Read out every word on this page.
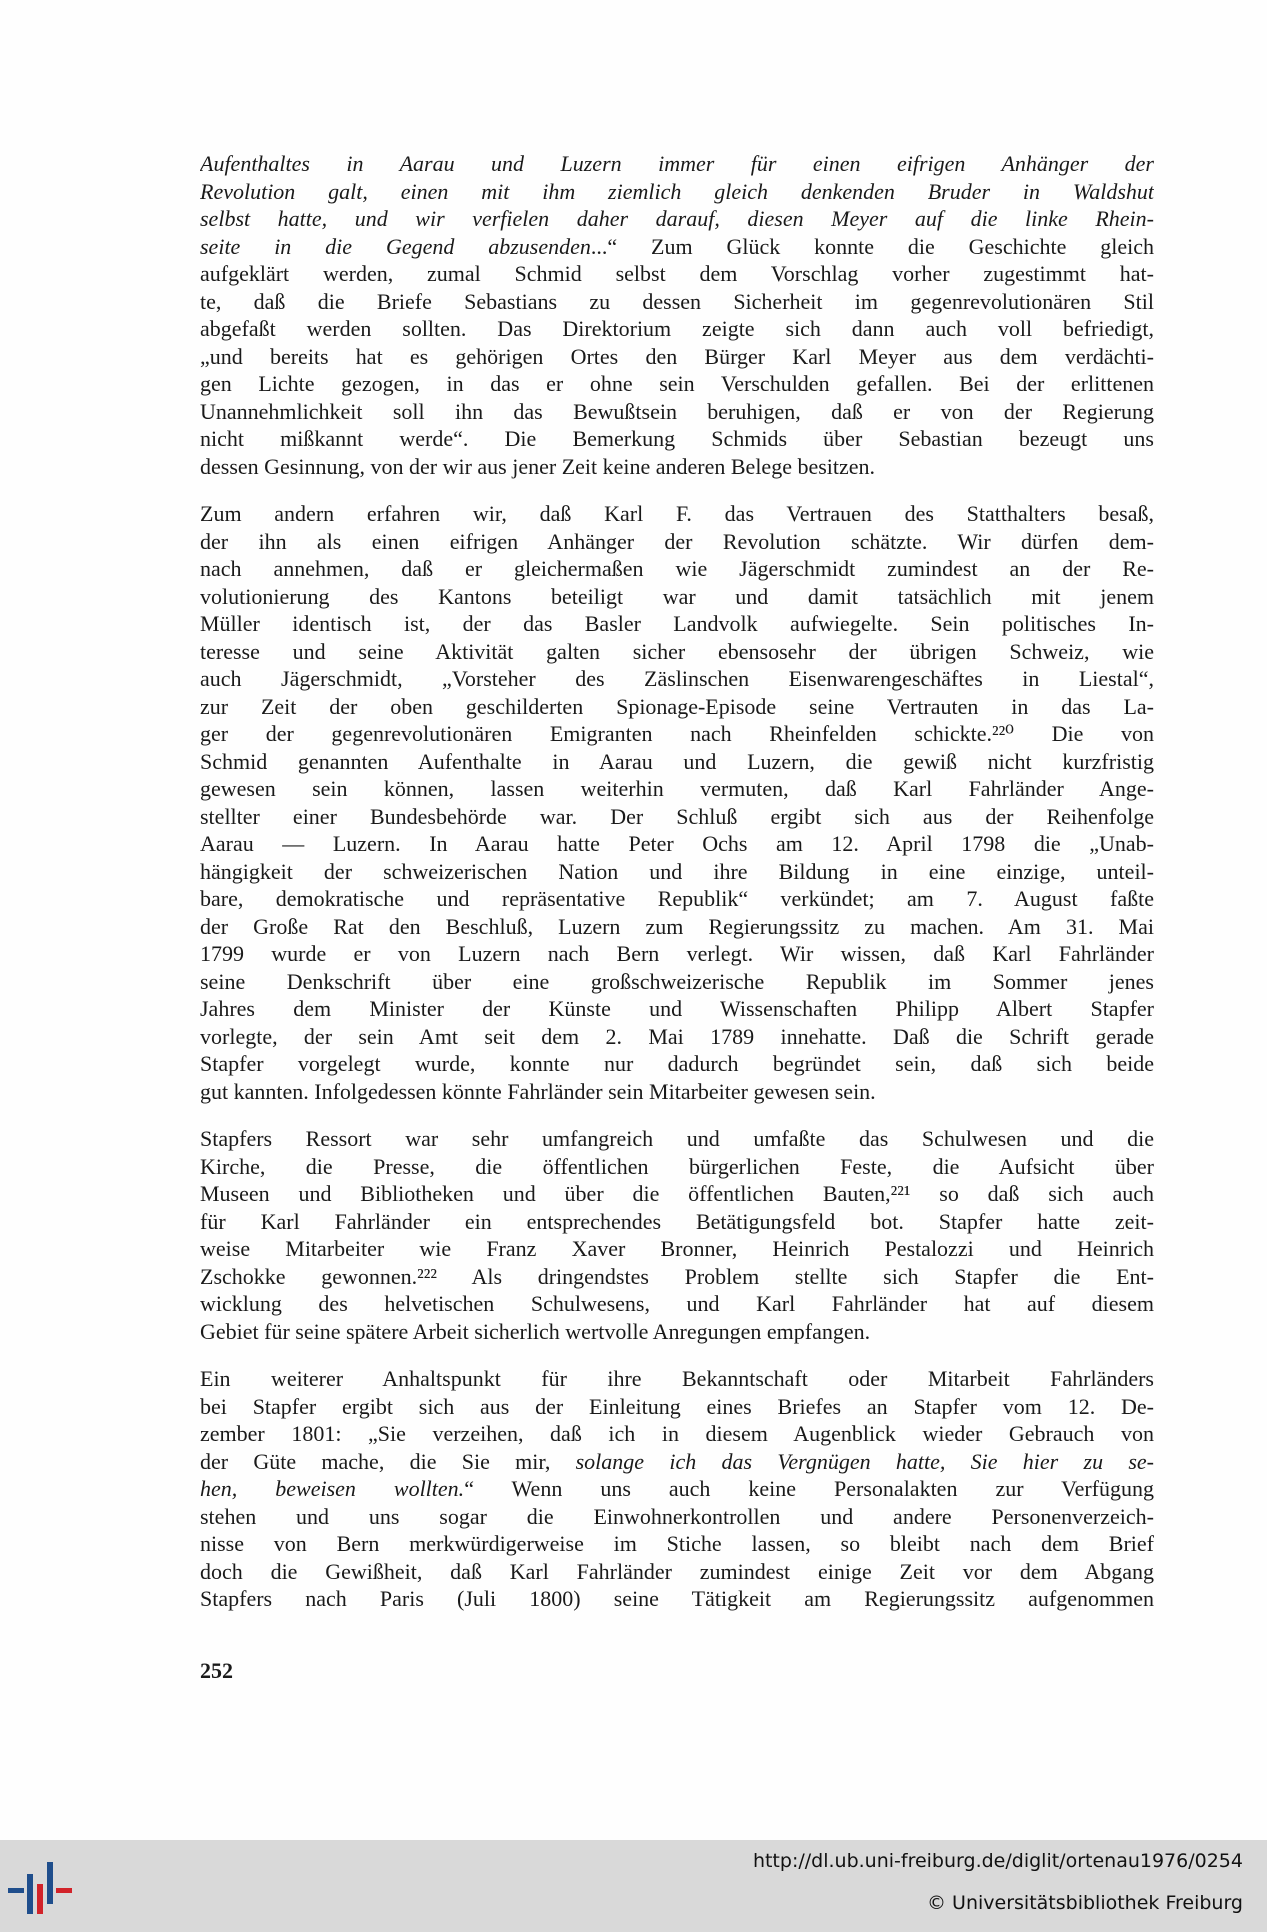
Aufenthaltes in Aarau und Luzern immer für einen eifrigen Anhänger der
Revolution galt, einen mit ihm ziemlich gleich denkenden Bruder in Waldshut
selbst hatte, und wir verfielen daher darauf, diesen Meyer auf die linke Rhein-
seite in die Gegend abzusenden...“ Zum Glück konnte die Geschichte gleich
aufgeklärt werden, zumal Schmid selbst dem Vorschlag vorher zugestimmt hat-
te, daß die Briefe Sebastians zu dessen Sicherheit im gegenrevolutionären Stil
abgefaßt werden sollten. Das Direktorium zeigte sich dann auch voll befriedigt,
„und bereits hat es gehörigen Ortes den Bürger Karl Meyer aus dem verdächti-
gen Lichte gezogen, in das er ohne sein Verschulden gefallen. Bei der erlittenen
Unannehmlichkeit soll ihn das Bewußtsein beruhigen, daß er von der Regierung
nicht mißkannt werde“. Die Bemerkung Schmids über Sebastian bezeugt uns
dessen Gesinnung, von der wir aus jener Zeit keine anderen Belege besitzen.
Zum andern erfahren wir, daß Karl F. das Vertrauen des Statthalters besaß,
der ihn als einen eifrigen Anhänger der Revolution schätzte. Wir dürfen dem-
nach annehmen, daß er gleichermaßen wie Jägerschmidt zumindest an der Re-
volutionierung des Kantons beteiligt war und damit tatsächlich mit jenem
Müller identisch ist, der das Basler Landvolk aufwiegelte. Sein politisches In-
teresse und seine Aktivität galten sicher ebensosehr der übrigen Schweiz, wie
auch Jägerschmidt, „Vorsteher des Zäslinschen Eisenwarengeschäftes in Liestal“,
zur Zeit der oben geschilderten Spionage-Episode seine Vertrauten in das La-
ger der gegenrevolutionären Emigranten nach Rheinfelden schickte.²²⁰ Die von
Schmid genannten Aufenthalte in Aarau und Luzern, die gewiß nicht kurzfristig
gewesen sein können, lassen weiterhin vermuten, daß Karl Fahrländer Ange-
stellter einer Bundesbehörde war. Der Schluß ergibt sich aus der Reihenfolge
Aarau — Luzern. In Aarau hatte Peter Ochs am 12. April 1798 die „Unab-
hängigkeit der schweizerischen Nation und ihre Bildung in eine einzige, unteil-
bare, demokratische und repräsentative Republik“ verkündet; am 7. August faßte
der Große Rat den Beschluß, Luzern zum Regierungssitz zu machen. Am 31. Mai
1799 wurde er von Luzern nach Bern verlegt. Wir wissen, daß Karl Fahrländer
seine Denkschrift über eine großschweizerische Republik im Sommer jenes
Jahres dem Minister der Künste und Wissenschaften Philipp Albert Stapfer
vorlegte, der sein Amt seit dem 2. Mai 1789 innehatte. Daß die Schrift gerade
Stapfer vorgelegt wurde, konnte nur dadurch begründet sein, daß sich beide
gut kannten. Infolgedessen könnte Fahrländer sein Mitarbeiter gewesen sein.
Stapfers Ressort war sehr umfangreich und umfaßte das Schulwesen und die
Kirche, die Presse, die öffentlichen bürgerlichen Feste, die Aufsicht über
Museen und Bibliotheken und über die öffentlichen Bauten,²²¹ so daß sich auch
für Karl Fahrländer ein entsprechendes Betätigungsfeld bot. Stapfer hatte zeit-
weise Mitarbeiter wie Franz Xaver Bronner, Heinrich Pestalozzi und Heinrich
Zschokke gewonnen.²²² Als dringendstes Problem stellte sich Stapfer die Ent-
wicklung des helvetischen Schulwesens, und Karl Fahrländer hat auf diesem
Gebiet für seine spätere Arbeit sicherlich wertvolle Anregungen empfangen.
Ein weiterer Anhaltspunkt für ihre Bekanntschaft oder Mitarbeit Fahrländers
bei Stapfer ergibt sich aus der Einleitung eines Briefes an Stapfer vom 12. De-
zember 1801: „Sie verzeihen, daß ich in diesem Augenblick wieder Gebrauch von
der Güte mache, die Sie mir, solange ich das Vergnügen hatte, Sie hier zu se-
hen, beweisen wollten.“ Wenn uns auch keine Personalakten zur Verfügung
stehen und uns sogar die Einwohnerkontrollen und andere Personenverzeich-
nisse von Bern merkwürdigerweise im Stiche lassen, so bleibt nach dem Brief
doch die Gewißheit, daß Karl Fahrländer zumindest einige Zeit vor dem Abgang
Stapfers nach Paris (Juli 1800) seine Tätigkeit am Regierungssitz aufgenommen
252
http://dl.ub.uni-freiburg.de/diglit/ortenau1976/0254
© Universitätsbibliothek Freiburg
